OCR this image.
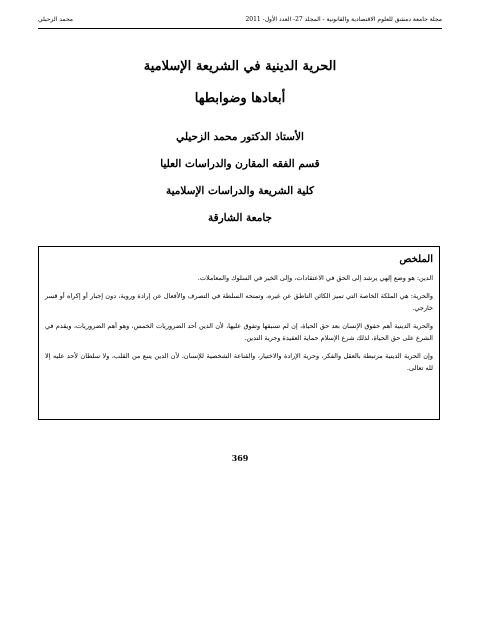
مجلة جامعة دمشق للعلوم الاقتصادية والقانونية - المجلد 27- العدد الأول- 2011
محمد الزحيلي
الحرية الدينية في الشريعة الإسلامية
أبعادها وضوابطها
الأستاذ الدكتور محمد الزحيلي
قسم الفقه المقارن والدراسات العليا
كلية الشريعة والدراسات الإسلامية
جامعة الشارقة
الملخص

الدين: هو وضع إلهي يرشد إلى الحق في الاعتقادات، وإلى الخير في السلوك والمعاملات.

والحرية: هي الملكة الخاصة التي تميز الكائن الناطق عن غيره، وتمنحه السلطة في التصرف والأفعال عن إرادة وروية، دون إجبار أو إكراه أو قسر خارجي.

والحرية الدينية أهم حقوق الإنسان بعد حق الحياة، إن لم تسبقها وتفوق عليها، لأن الدين أحد الضروريات الخمس، وهو أهم الضروريات، ويقدم في الشرع على حق الحياة، لذلك شرع الإسلام حماية العقيدة وحرية التدين.

وإن الحرية الدينية مرتبطة بالعقل والفكر، وحرية الإرادة والاختيار، والقناعة الشخصية للإنسان، لأن الدين ينبع من القلب، ولا سلطان لأحد عليه إلا لله تعالى.

369
